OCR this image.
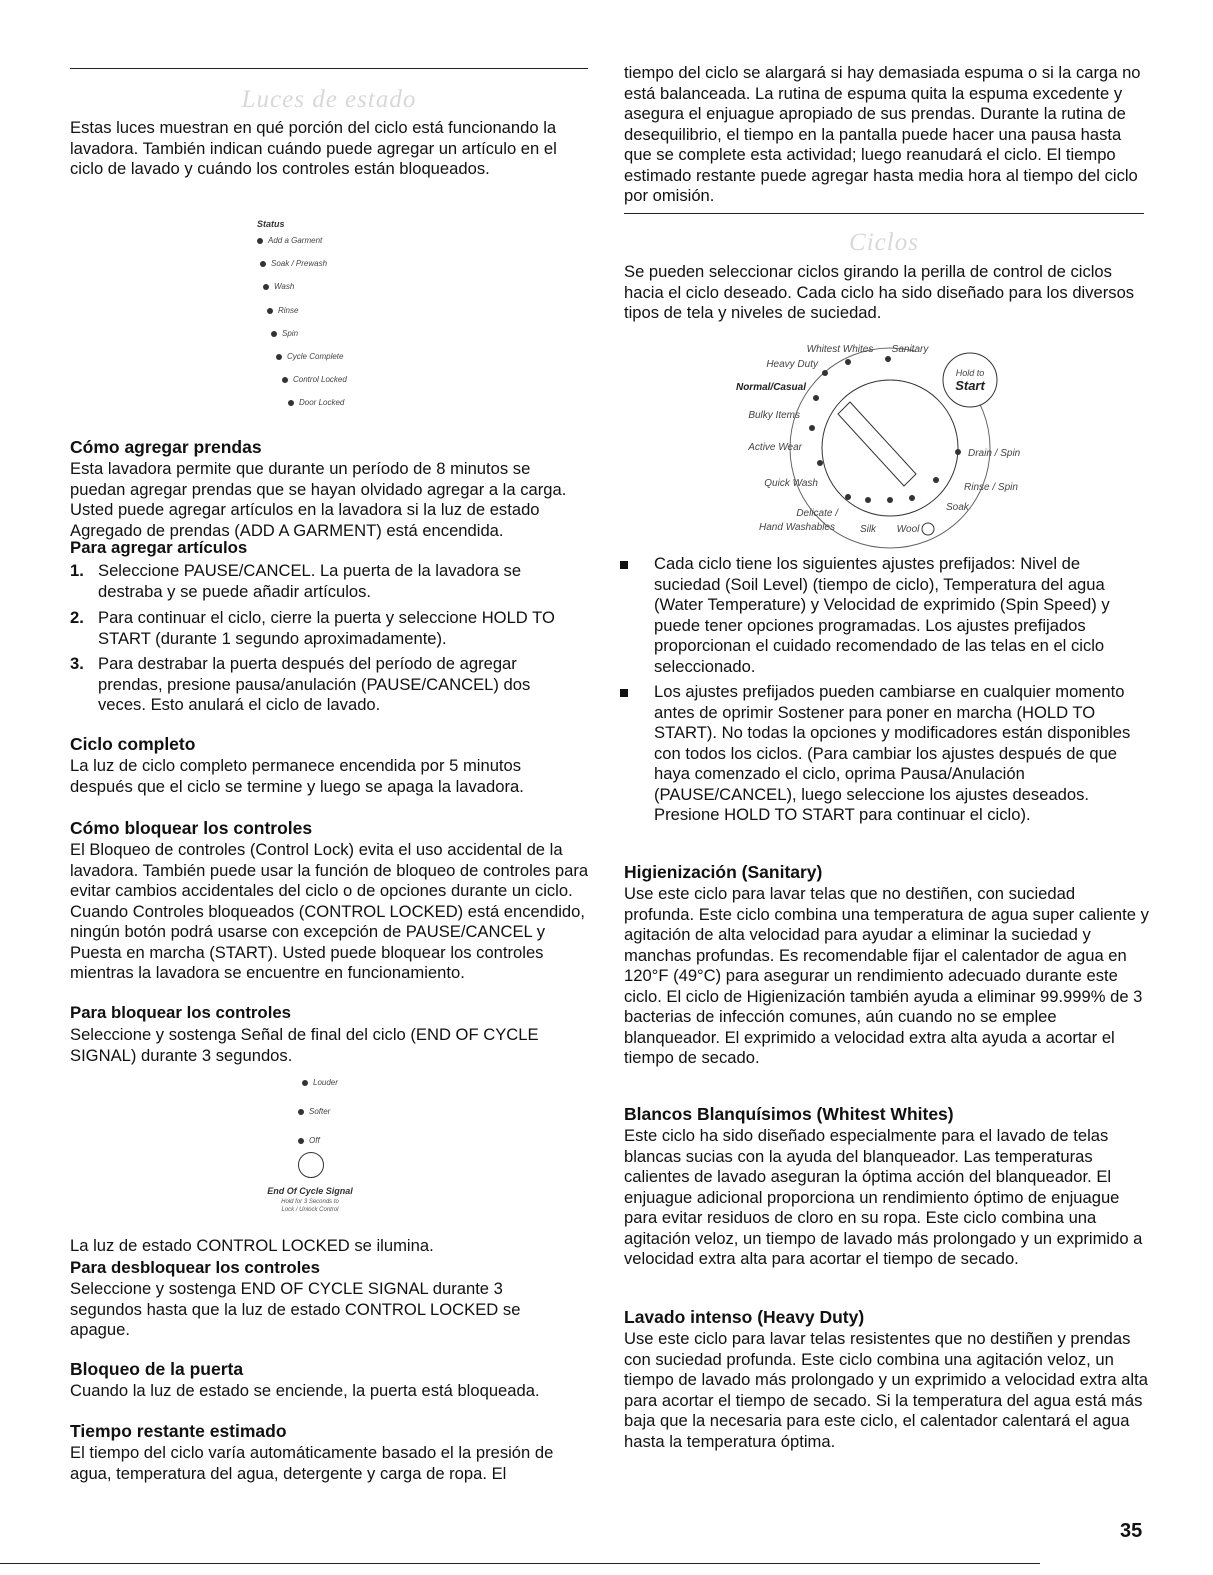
Luces de estado

Estas luces muestran en qué porción del ciclo está funcionando la lavadora. También indican cuándo puede agregar un artículo en el ciclo de lavado y cuándo los controles están bloqueados.

Status
Add a Garment
Soak / Prewash
Wash
Rinse
Spin
Cycle Complete
Control Locked
Door Locked
Cómo agregar prendas

Esta lavadora permite que durante un período de 8 minutos se puedan agregar prendas que se hayan olvidado agregar a la carga. Usted puede agregar artículos en la lavadora si la luz de estado Agregado de prendas (ADD A GARMENT) está encendida.

Para agregar artículos
1. Seleccione PAUSE/CANCEL. La puerta de la lavadora se destraba y se puede añadir artículos.
2. Para continuar el ciclo, cierre la puerta y seleccione HOLD TO START (durante 1 segundo aproximadamente).
3. Para destrabar la puerta después del período de agregar prendas, presione pausa/anulación (PAUSE/CANCEL) dos veces. Esto anulará el ciclo de lavado.
Ciclo completo

La luz de ciclo completo permanece encendida por 5 minutos después que el ciclo se termine y luego se apaga la lavadora.

Cómo bloquear los controles

El Bloqueo de controles (Control Lock) evita el uso accidental de la lavadora. También puede usar la función de bloqueo de controles para evitar cambios accidentales del ciclo o de opciones durante un ciclo. Cuando Controles bloqueados (CONTROL LOCKED) está encendido, ningún botón podrá usarse con excepción de PAUSE/CANCEL y Puesta en marcha (START). Usted puede bloquear los controles mientras la lavadora se encuentre en funcionamiento.

Para bloquear los controles

Seleccione y sostenga Señal de final del ciclo (END OF CYCLE SIGNAL) durante 3 segundos.

Louder
Softer
Off
End Of Cycle Signal
Hold for 3 Seconds to
Lock / Unlock Control

La luz de estado CONTROL LOCKED se ilumina.

Para desbloquear los controles

Seleccione y sostenga END OF CYCLE SIGNAL durante 3 segundos hasta que la luz de estado CONTROL LOCKED se apague.

Bloqueo de la puerta

Cuando la luz de estado se enciende, la puerta está bloqueada.

Tiempo restante estimado

El tiempo del ciclo varía automáticamente basado el la presión de agua, temperatura del agua, detergente y carga de ropa. El

tiempo del ciclo se alargará si hay demasiada espuma o si la carga no está balanceada. La rutina de espuma quita la espuma excedente y asegura el enjuague apropiado de sus prendas. Durante la rutina de desequilibrio, el tiempo en la pantalla puede hacer una pausa hasta que se complete esta actividad; luego reanudará el ciclo. El tiempo estimado restante puede agregar hasta media hora al tiempo del ciclo por omisión.

Ciclos

Se pueden seleccionar ciclos girando la perilla de control de ciclos hacia el ciclo deseado. Cada ciclo ha sido diseñado para los diversos tipos de tela y niveles de suciedad.

Hold to
Start
Whitest Whites Sanitary
Heavy Duty
Normal/Casual
Bulky Items
Active Wear
Quick Wash
Delicate /
Hand Washables Silk Wool
Soak
Rinse / Spin
Drain / Spin
Cada ciclo tiene los siguientes ajustes prefijados: Nivel de suciedad (Soil Level) (tiempo de ciclo), Temperatura del agua (Water Temperature) y Velocidad de exprimido (Spin Speed) y puede tener opciones programadas. Los ajustes prefijados proporcionan el cuidado recomendado de las telas en el ciclo seleccionado.
Los ajustes prefijados pueden cambiarse en cualquier momento antes de oprimir Sostener para poner en marcha (HOLD TO START). No todas la opciones y modificadores están disponibles con todos los ciclos. (Para cambiar los ajustes después de que haya comenzado el ciclo, oprima Pausa/Anulación (PAUSE/CANCEL), luego seleccione los ajustes deseados. Presione HOLD TO START para continuar el ciclo).
Higienización (Sanitary)

Use este ciclo para lavar telas que no destiñen, con suciedad profunda. Este ciclo combina una temperatura de agua super caliente y agitación de alta velocidad para ayudar a eliminar la suciedad y manchas profundas. Es recomendable fijar el calentador de agua en 120°F (49°C) para asegurar un rendimiento adecuado durante este ciclo. El ciclo de Higienización también ayuda a eliminar 99.999% de 3 bacterias de infección comunes, aún cuando no se emplee blanqueador. El exprimido a velocidad extra alta ayuda a acortar el tiempo de secado.

Blancos Blanquísimos (Whitest Whites)

Este ciclo ha sido diseñado especialmente para el lavado de telas blancas sucias con la ayuda del blanqueador. Las temperaturas calientes de lavado aseguran la óptima acción del blanqueador. El enjuague adicional proporciona un rendimiento óptimo de enjuague para evitar residuos de cloro en su ropa. Este ciclo combina una agitación veloz, un tiempo de lavado más prolongado y un exprimido a velocidad extra alta para acortar el tiempo de secado.

Lavado intenso (Heavy Duty)

Use este ciclo para lavar telas resistentes que no destiñen y prendas con suciedad profunda. Este ciclo combina una agitación veloz, un tiempo de lavado más prolongado y un exprimido a velocidad extra alta para acortar el tiempo de secado. Si la temperatura del agua está más baja que la necesaria para este ciclo, el calentador calentará el agua hasta la temperatura óptima.

35
